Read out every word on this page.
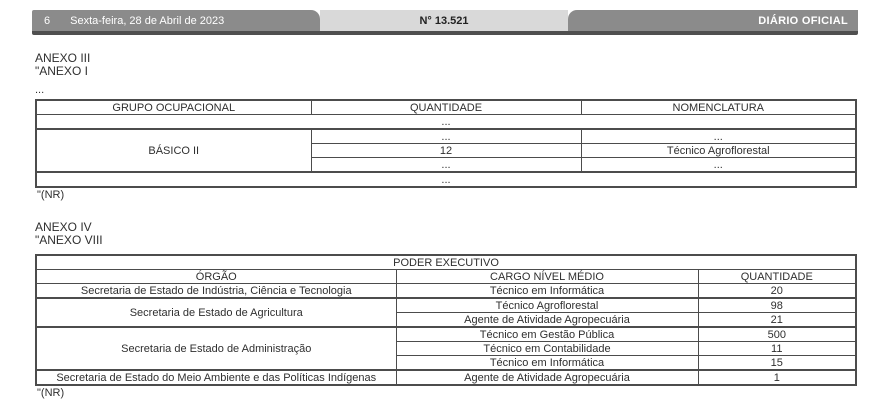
6 Sexta-feira, 28 de Abril de 2023	N° 13.521	DIÁRIO OFICIAL
ANEXO III
"ANEXO I
...
GRUPO OCUPACIONAL	QUANTIDADE	NOMENCLATURA
...		
BÁSICO II	...	...
	12	Técnico Agroflorestal
	...	...
...		
"(NR)
ANEXO IV
"ANEXO VIII
PODER EXECUTIVO		
ÓRGÃO	CARGO NÍVEL MÉDIO	QUANTIDADE
Secretaria de Estado de Indústria, Ciência e Tecnologia	Técnico em Informática	20
Secretaria de Estado de Agricultura	Técnico Agroflorestal	98
	Agente de Atividade Agropecuária	21
Secretaria de Estado de Administração	Técnico em Gestão Pública	500
	Técnico em Contabilidade	11
	Técnico em Informática	15
Secretaria de Estado do Meio Ambiente e das Políticas Indígenas	Agente de Atividade Agropecuária	1
"(NR)
